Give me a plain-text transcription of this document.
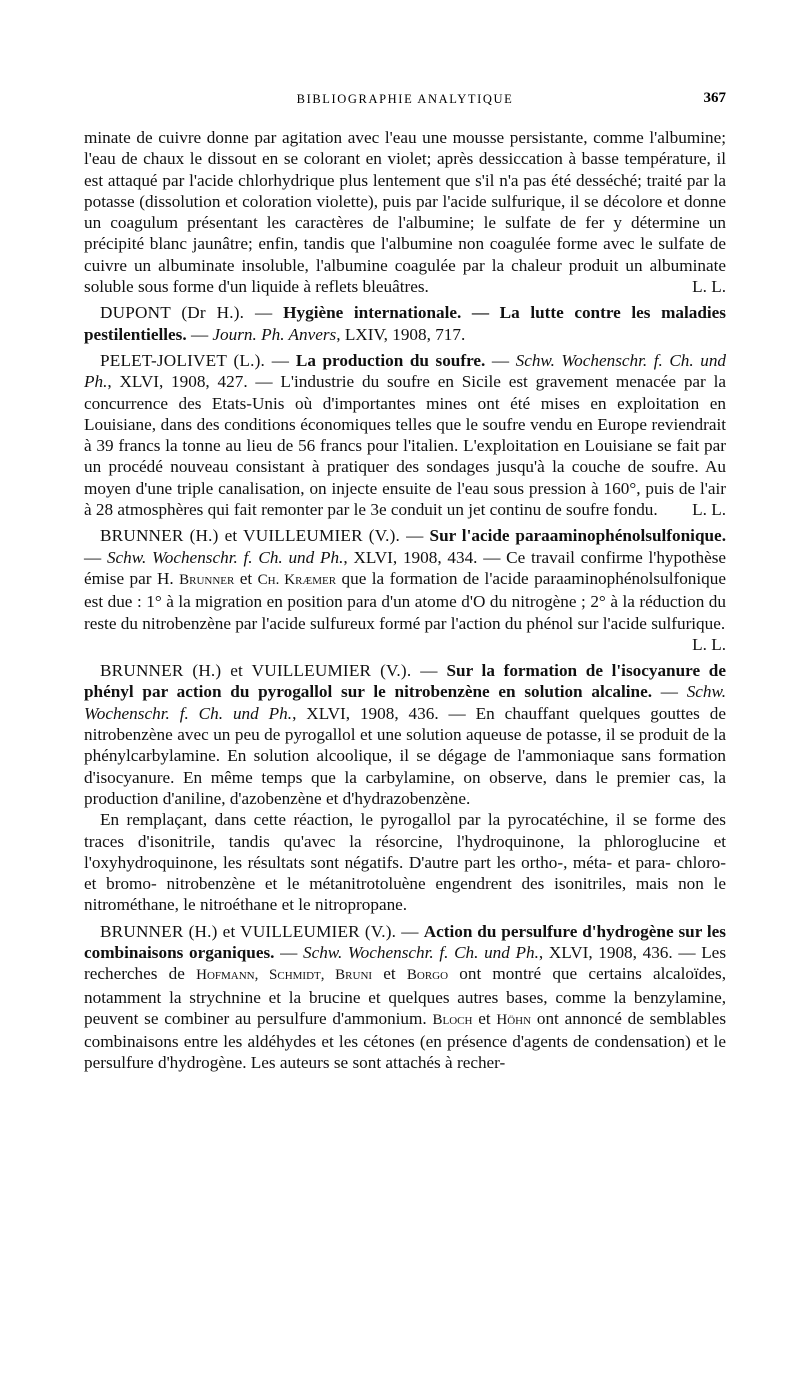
BIBLIOGRAPHIE ANALYTIQUE	367

minate de cuivre donne par agitation avec l'eau une mousse persistante, comme l'albumine; l'eau de chaux le dissout en se colorant en violet; après dessiccation à basse température, il est attaqué par l'acide chlorhydrique plus lentement que s'il n'a pas été desséché; traité par la potasse (dissolution et coloration violette), puis par l'acide sulfurique, il se décolore et donne un coagulum présentant les caractères de l'albumine; le sulfate de fer y détermine un précipité blanc jaunâtre; enfin, tandis que l'albumine non coagulée forme avec le sulfate de cuivre un albuminate insoluble, l'albumine coagulée par la chaleur produit un albuminate soluble sous forme d'un liquide à reflets bleuâtres.	L. L.

DUPONT (Dr H.). — Hygiène internationale. — La lutte contre les maladies pestilentielles. — Journ. Ph. Anvers, LXIV, 1908, 717.

PELET-JOLIVET (L.). — La production du soufre. — Schw. Wochenschr. f. Ch. und Ph., XLVI, 1908, 427. — L'industrie du soufre en Sicile est gravement menacée par la concurrence des Etats-Unis où d'importantes mines ont été mises en exploitation en Louisiane, dans des conditions économiques telles que le soufre vendu en Europe reviendrait à 39 francs la tonne au lieu de 56 francs pour l'italien. L'exploitation en Louisiane se fait par un procédé nouveau consistant à pratiquer des sondages jusqu'à la couche de soufre. Au moyen d'une triple canalisation, on injecte ensuite de l'eau sous pression à 160°, puis de l'air à 28 atmosphères qui fait remonter par le 3e conduit un jet continu de soufre fondu.	L. L.

BRUNNER (H.) et VUILLEUMIER (V.). — Sur l'acide paraaminophénolsulfonique. — Schw. Wochenschr. f. Ch. und Ph., XLVI, 1908, 434. — Ce travail confirme l'hypothèse émise par H. Brunner et Ch. Kræmer que la formation de l'acide paraaminophénolsulfonique est due : 1° à la migration en position para d'un atome d'O du nitrogène ; 2° à la réduction du reste du nitrobenzène par l'acide sulfureux formé par l'action du phénol sur l'acide sulfurique.
L. L.

BRUNNER (H.) et VUILLEUMIER (V.). — Sur la formation de l'isocyanure de phényl par action du pyrogallol sur le nitrobenzène en solution alcaline. — Schw. Wochenschr. f. Ch. und Ph., XLVI, 1908, 436. — En chauffant quelques gouttes de nitrobenzène avec un peu de pyrogallol et une solution aqueuse de potasse, il se produit de la phénylcarbylamine. En solution alcoolique, il se dégage de l'ammoniaque sans formation d'isocyanure. En même temps que la carbylamine, on observe, dans le premier cas, la production d'aniline, d'azobenzène et d'hydrazobenzène.

En remplaçant, dans cette réaction, le pyrogallol par la pyrocatéchine, il se forme des traces d'isonitrile, tandis qu'avec la résorcine, l'hydroquinone, la phloroglucine et l'oxyhydroquinone, les résultats sont négatifs. D'autre part les ortho-, méta- et para- chloro- et bromo- nitrobenzène et le métanitrotoluène engendrent des isonitriles, mais non le nitrométhane, le nitroéthane et le nitropropane.

BRUNNER (H.) et VUILLEUMIER (V.). — Action du persulfure d'hydrogène sur les combinaisons organiques. — Schw. Wochenschr. f. Ch. und Ph., XLVI, 1908, 436. — Les recherches de Hofmann, Schmidt, Bruni et Borgo ont montré que certains alcaloïdes, notamment la strychnine et la brucine et quelques autres bases, comme la benzylamine, peuvent se combiner au persulfure d'ammonium. Bloch et Höhn ont annoncé de semblables combinaisons entre les aldéhydes et les cétones (en présence d'agents de condensation) et le persulfure d'hydrogène. Les auteurs se sont attachés à recher-
